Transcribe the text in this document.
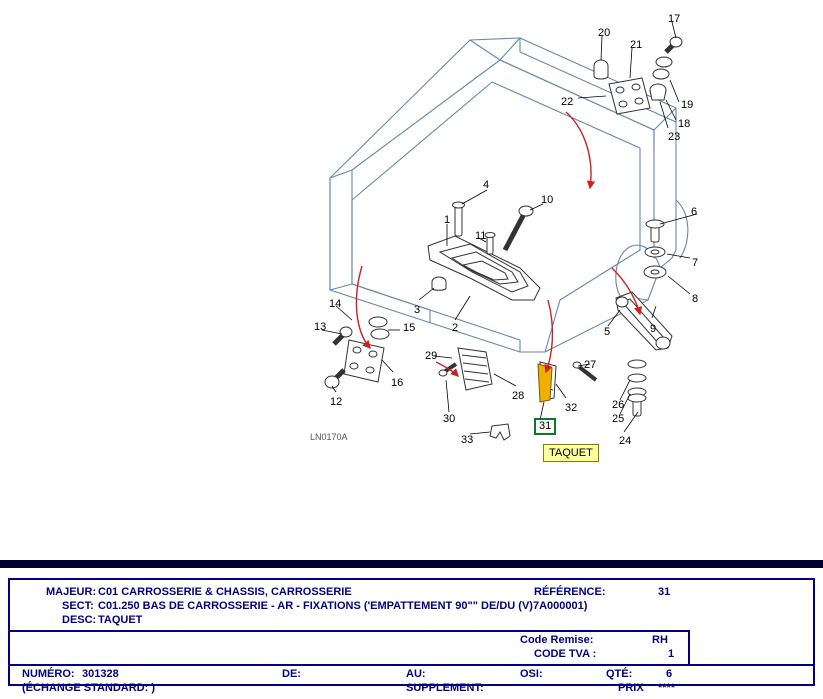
1
2
3
4
5
6
7
8
9
10
11
12
13
14
15
16
17
18
19
20
21
22
23
24
25
26
27
28
29
30
32
33
31
TAQUET
LN0170A
MAJEUR: C01 CARROSSERIE & CHASSIS, CARROSSERIE	RÉFÉRENCE:	31
SECT: C01.250 BAS DE CARROSSERIE - AR - FIXATIONS ('EMPATTEMENT 90"" DE/DU (V)7A000001)
DESC: TAQUET
Code Remise:	RH
CODE TVA :	1
NUMÉRO: 301328	DE:	AU:	OSI:	QTÉ:	6
(ÉCHANGE STANDARD: )	SUPPLEMENT:	PRIX ****
